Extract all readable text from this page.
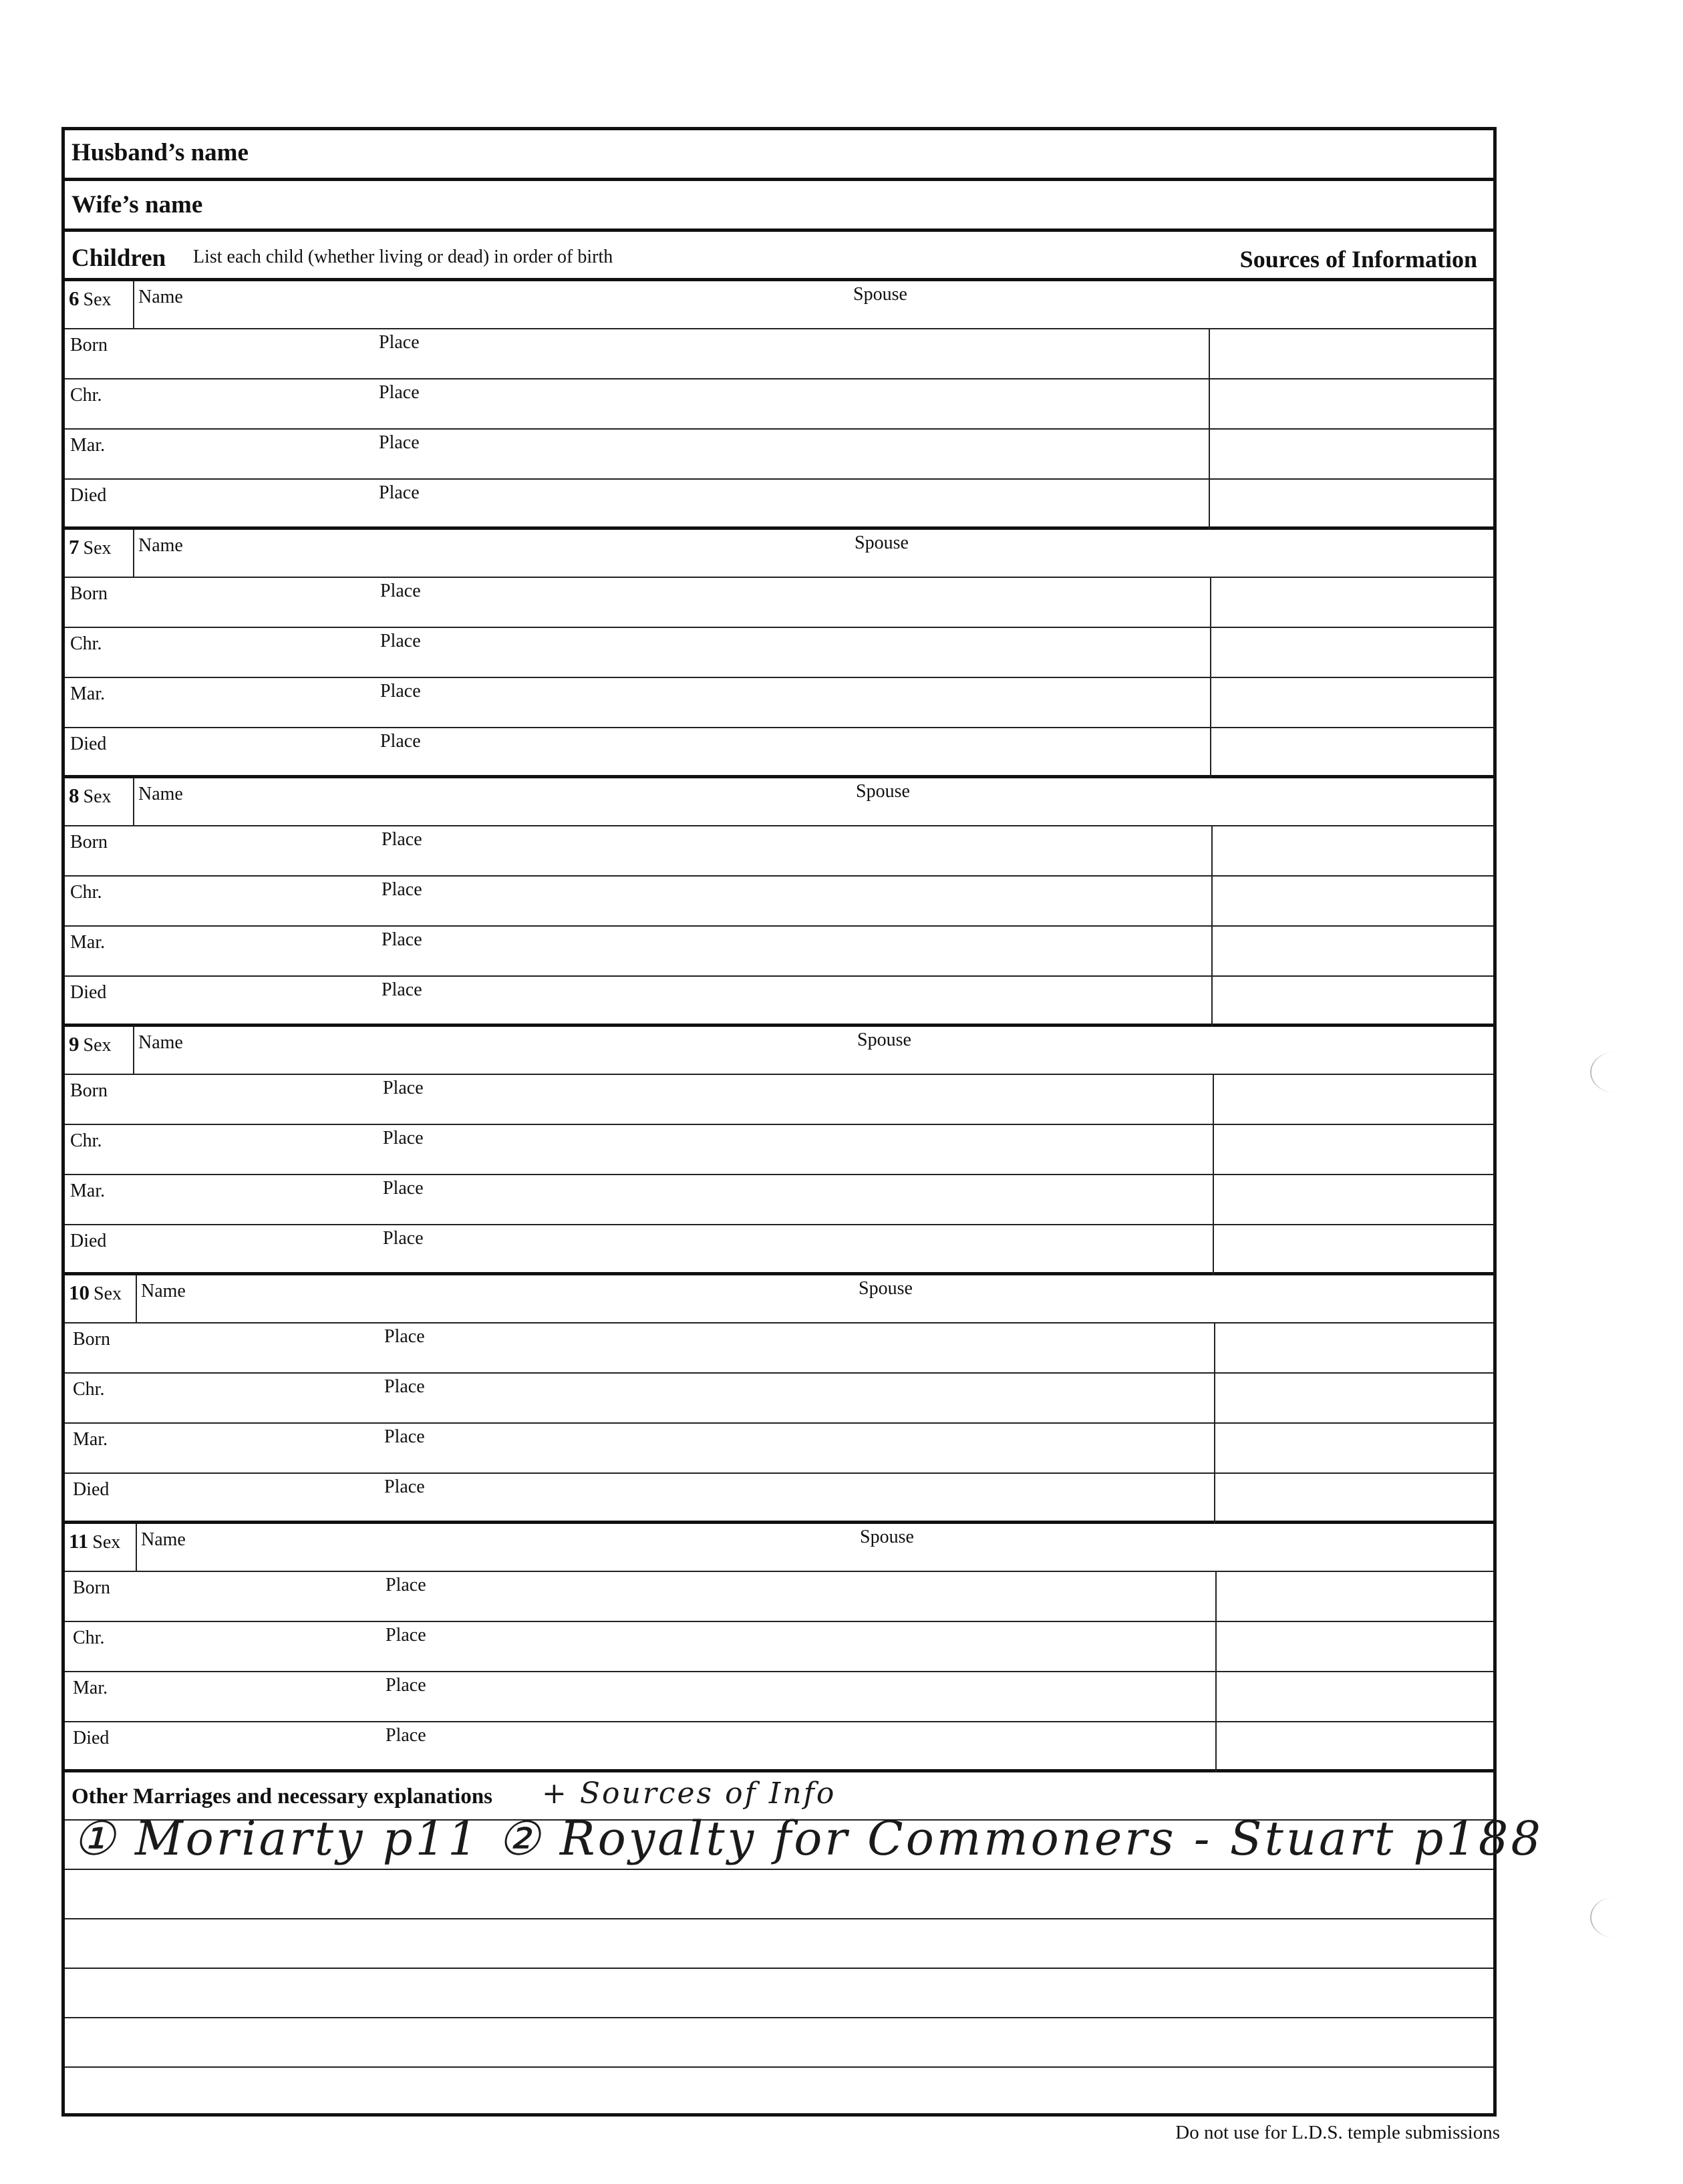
Husband’s name
Wife’s name
Children List each child (whether living or dead) in order of birth	Sources of Information
6 Sex Name	Spouse
Born	Place
Chr.	Place
Mar.	Place
Died	Place
7 Sex Name	Spouse
Born	Place
Chr.	Place
Mar.	Place
Died	Place
8 Sex Name	Spouse
Born	Place
Chr.	Place
Mar.	Place
Died	Place
9 Sex Name	Spouse
Born	Place
Chr.	Place
Mar.	Place
Died	Place
10 Sex Name	Spouse
Born	Place
Chr.	Place
Mar.	Place
Died	Place
11 Sex Name	Spouse
Born	Place
Chr.	Place
Mar.	Place
Died	Place
Other Marriages and necessary explanations + Sources of Info
① Moriarty p11 ② Royalty for Commoners - Stuart p188
Do not use for L.D.S. temple submissions
